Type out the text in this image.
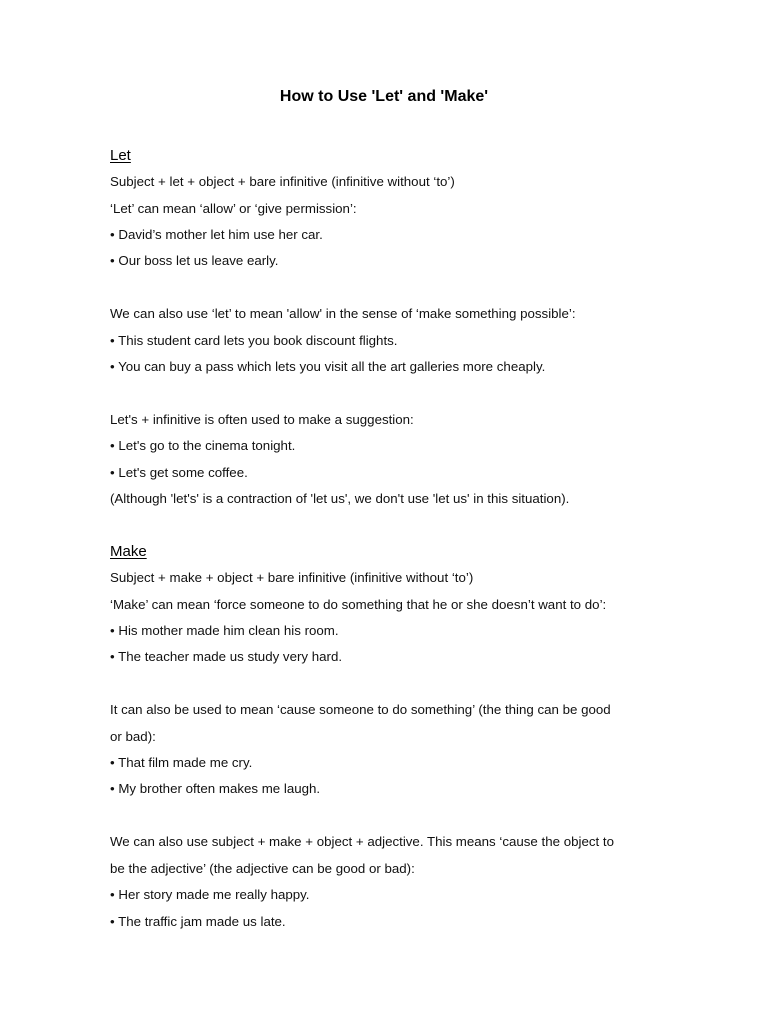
How to Use 'Let' and 'Make'
Let
Subject + let + object + bare infinitive (infinitive without ‘to’)
‘Let’ can mean ‘allow’ or ‘give permission’:
• David’s mother let him use her car.
• Our boss let us leave early.
We can also use ‘let’ to mean 'allow' in the sense of ‘make something possible’:
• This student card lets you book discount flights.
• You can buy a pass which lets you visit all the art galleries more cheaply.
Let's + infinitive is often used to make a suggestion:
• Let's go to the cinema tonight.
• Let's get some coffee.
(Although 'let's' is a contraction of 'let us', we don't use 'let us' in this situation).
Make
Subject + make + object + bare infinitive (infinitive without ‘to’)
‘Make’ can mean ‘force someone to do something that he or she doesn’t want to do’:
• His mother made him clean his room.
• The teacher made us study very hard.
It can also be used to mean ‘cause someone to do something’ (the thing can be good
or bad):
• That film made me cry.
• My brother often makes me laugh.
We can also use subject + make + object + adjective. This means ‘cause the object to
be the adjective’ (the adjective can be good or bad):
• Her story made me really happy.
• The traffic jam made us late.
